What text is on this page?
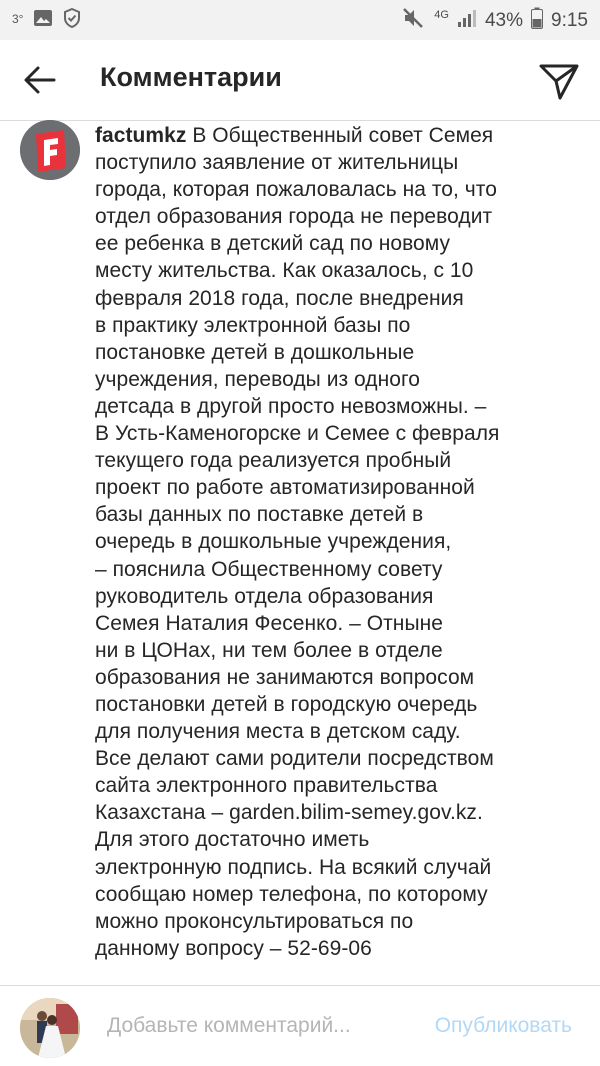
3°	4G 43% 9:15
Комментарии
factumkz В Общественный совет Семея
поступило заявление от жительницы
города, которая пожаловалась на то, что
отдел образования города не переводит
ее ребенка в детский сад по новому
месту жительства. Как оказалось, с 10
февраля 2018 года, после внедрения
в практику электронной базы по
постановке детей в дошкольные
учреждения, переводы из одного
детсада в другой просто невозможны. –
В Усть-Каменогорске и Семее с февраля
текущего года реализуется пробный
проект по работе автоматизированной
базы данных по поставке детей в
очередь в дошкольные учреждения,
– пояснила Общественному совету
руководитель отдела образования
Семея Наталия Фесенко. – Отныне
ни в ЦОНах, ни тем более в отделе
образования не занимаются вопросом
постановки детей в городскую очередь
для получения места в детском саду.
Все делают сами родители посредством
сайта электронного правительства
Казахстана – garden.bilim-semey.gov.kz.
Для этого достаточно иметь
электронную подпись. На всякий случай
сообщаю номер телефона, по которому
можно проконсультироваться по
данному вопросу – 52-69-06
Добавьте комментарий...	Опубликовать
